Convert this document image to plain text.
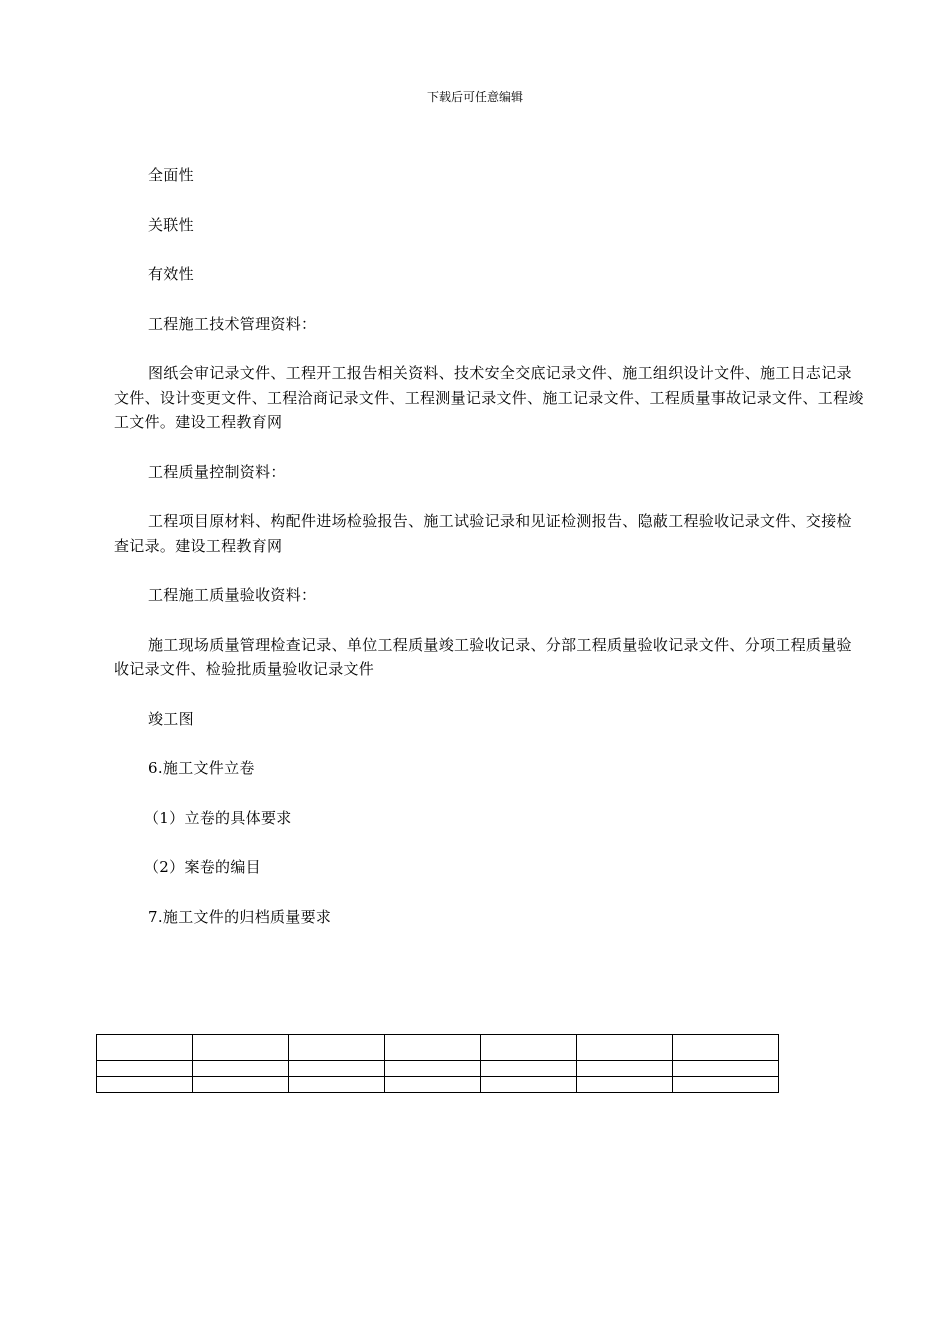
下载后可任意编辑

全面性

关联性

有效性

工程施工技术管理资料：

图纸会审记录文件、工程开工报告相关资料、技术安全交底记录文件、施工组织设计文件、施工日志记录文件、设计变更文件、工程洽商记录文件、工程测量记录文件、施工记录文件、工程质量事故记录文件、工程竣工文件。建设工程教育网

工程质量控制资料：

工程项目原材料、构配件进场检验报告、施工试验记录和见证检测报告、隐蔽工程验收记录文件、交接检查记录。建设工程教育网

工程施工质量验收资料：

施工现场质量管理检查记录、单位工程质量竣工验收记录、分部工程质量验收记录文件、分项工程质量验收记录文件、检验批质量验收记录文件

竣工图

6.施工文件立卷

（1）立卷的具体要求

（2）案卷的编目

7.施工文件的归档质量要求
